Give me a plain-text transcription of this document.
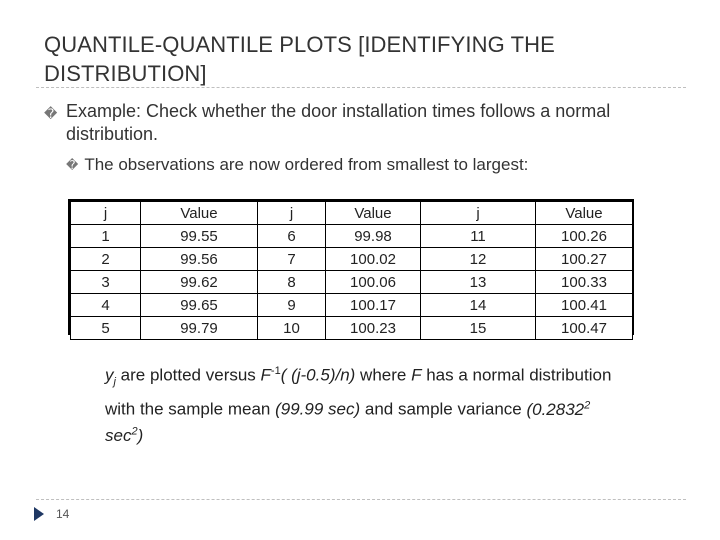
QUANTILE-QUANTILE PLOTS [IDENTIFYING THE DISTRIBUTION]
� Example: Check whether the door installation times follows a normal distribution.
� The observations are now ordered from smallest to largest:
j	Value	j	Value	j	Value
1	99.55	6	99.98	11	100.26
2	99.56	7	100.02	12	100.27
3	99.62	8	100.06	13	100.33
4	99.65	9	100.17	14	100.41
5	99.79	10	100.23	15	100.47
$y_j$ are plotted versus $F^{-1}$( (j-0.5)/n) where F has a normal distribution with the sample mean (99.99 sec) and sample variance (0.2832$^2$ $\sec^2$)
14
